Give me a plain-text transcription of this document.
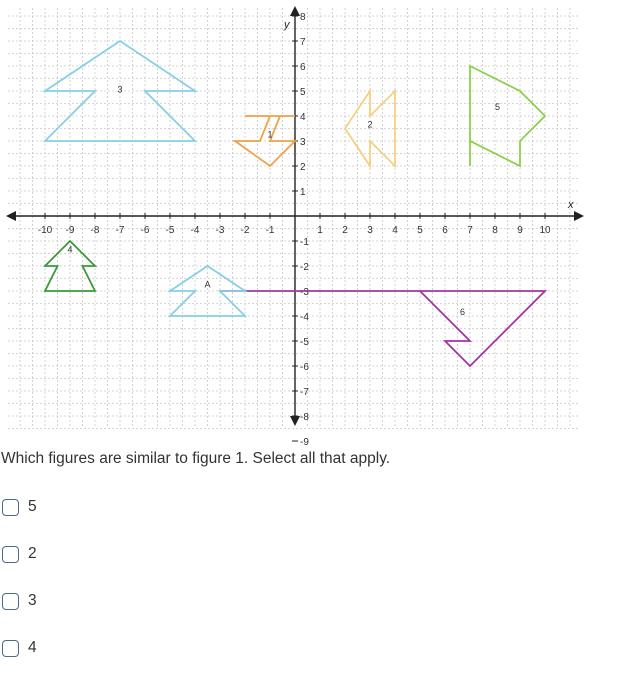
x
y
-10 -9 -8 -7 -6 -5 -4 -3 -2 -1	1 2 3 4 5 6 7 8 9 10
8
7
6
5
4
3
2
1
-1
-2
-3
-4
-5
-6
-7
-8
-9
1
2
3
4
5
6
A

Which figures are similar to figure 1. Select all that apply.

5
2
3
4
